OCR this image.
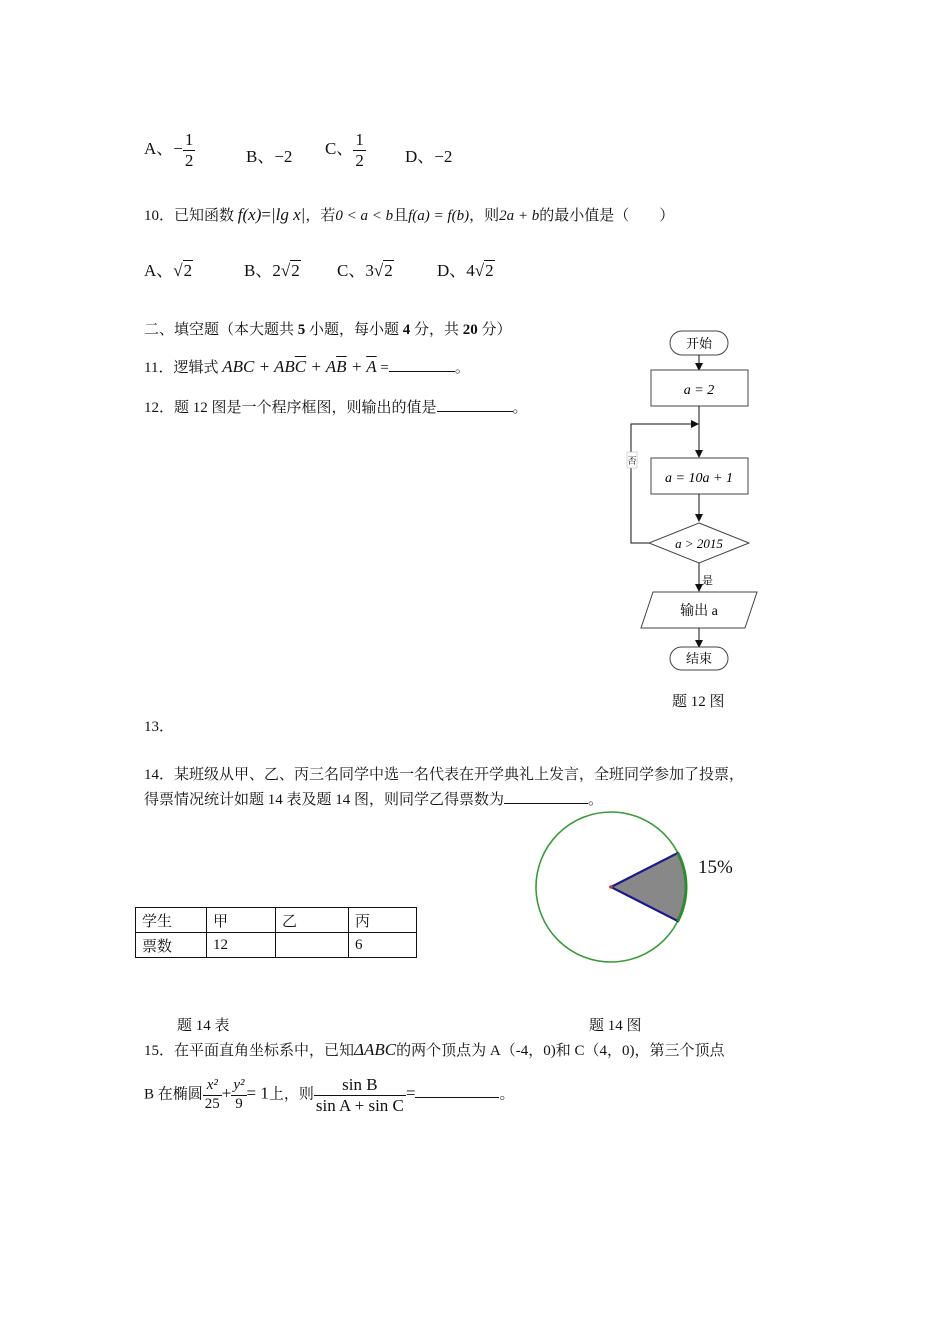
A、− $\frac{1}{2}$	B、−2 C、 $\frac{1}{2}$ D、−2
10．已知函数 f(x)=|lg x|，若0 < a < b且f(a) = f(b)，则2a + b的最小值是（　　）
A、√2	B、2√2 C、3√2	D、4√2
二、填空题（本大题共 5 小题，每小题 4 分，共 20 分）
11．逻辑式 ABC + $AB\overline{C} + A\overline{B} + \overline{A}$ =	。
12．题 12 图是一个程序框图，则输出的值是	。
开始
a = 2
a = 10a + 1
a > 2015
否
是
输出 a
结束
题 12 图
13．
14．某班级从甲、乙、丙三名同学中选一名代表在开学典礼上发言，全班同学参加了投票，
得票情况统计如题 14 表及题 14 图，则同学乙得票数为	。
学生	甲	乙	丙
票数	12		6
15%
题 14 表	题 14 图
15．在平面直角坐标系中，已知ΔABC的两个顶点为 A（-4，0)和 C（4，0)，第三个顶点
B 在椭圆 $\frac{\text{x²}}{25} + \frac{\text{y²}}{9} = 1$上，则 $\frac{\text{sin B}}{\text{sin A + sin C}}$ =	。
